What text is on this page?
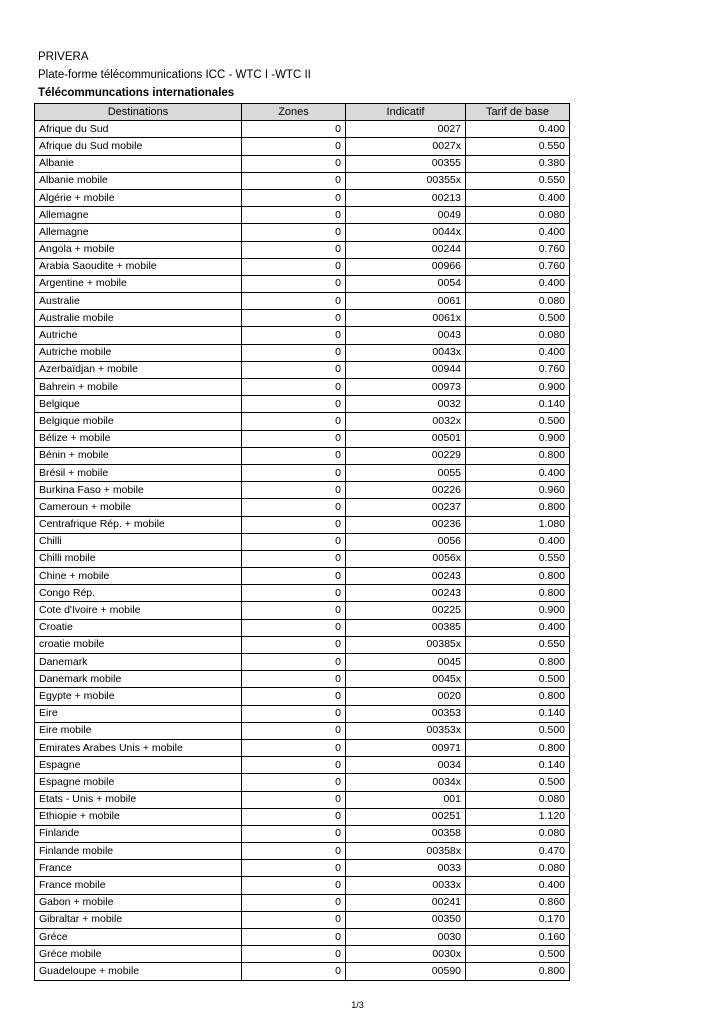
PRIVERA
Plate-forme télécommunications ICC - WTC I -WTC II
Télécommuncations internationales
Destinations	Zones	Indicatif	Tarif de base
Afrique du Sud	0	0027	0.400
Afrique du Sud mobile	0	0027x	0.550
Albanie	0	00355	0.380
Albanie mobile	0	00355x	0.550
Algérie + mobile	0	00213	0.400
Allemagne	0	0049	0.080
Allemagne	0	0044x	0.400
Angola + mobile	0	00244	0.760
Arabia Saoudite + mobile	0	00966	0.760
Argentine + mobile	0	0054	0.400
Australie	0	0061	0.080
Australie mobile	0	0061x	0.500
Autriche	0	0043	0.080
Autriche mobile	0	0043x	0.400
Azerbaïdjan + mobile	0	00944	0.760
Bahrein + mobile	0	00973	0.900
Belgique	0	0032	0.140
Belgique mobile	0	0032x	0.500
Bélize + mobile	0	00501	0.900
Bénin + mobile	0	00229	0.800
Brésil + mobile	0	0055	0.400
Burkina Faso + mobile	0	00226	0.960
Cameroun + mobile	0	00237	0.800
Centrafrique Rép. + mobile	0	00236	1.080
Chilli	0	0056	0.400
Chilli mobile	0	0056x	0.550
Chine + mobile	0	00243	0.800
Congo Rép.	0	00243	0.800
Cote d'Ivoire + mobile	0	00225	0.900
Croatie	0	00385	0.400
croatie mobile	0	00385x	0.550
Danemark	0	0045	0.800
Danemark mobile	0	0045x	0.500
Egypte + mobile	0	0020	0.800
Eire	0	00353	0.140
Eire mobile	0	00353x	0.500
Emirates Arabes Unis + mobile	0	00971	0.800
Espagne	0	0034	0.140
Espagne mobile	0	0034x	0.500
Etats - Unis + mobile	0	001	0.080
Ethiopie + mobile	0	00251	1.120
Finlande	0	00358	0.080
Finlande mobile	0	00358x	0.470
France	0	0033	0.080
France mobile	0	0033x	0.400
Gabon + mobile	0	00241	0.860
Gibraltar + mobile	0	00350	0.170
Gréce	0	0030	0.160
Gréce mobile	0	0030x	0.500
Guadeloupe + mobile	0	00590	0.800
1/3
